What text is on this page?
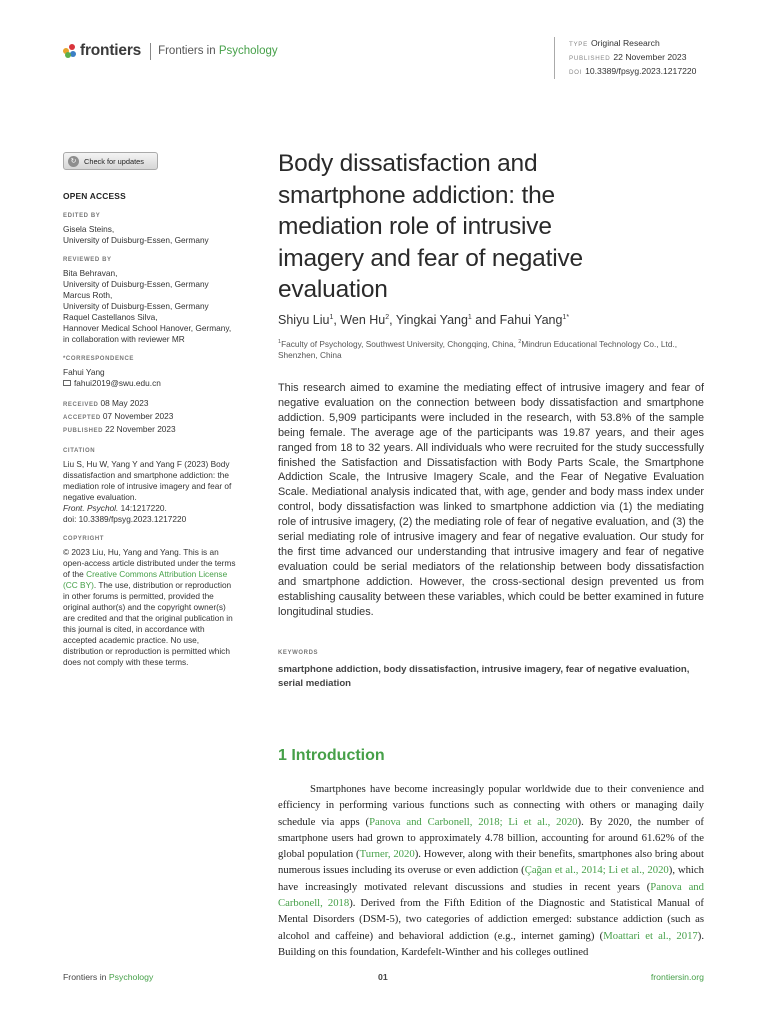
frontiers Frontiers in Psychology
TYPE Original Research
PUBLISHED 22 November 2023
DOI 10.3389/fpsyg.2023.1217220
↻	Check for updates
OPEN ACCESS
EDITED BY
Gisela Steins,
University of Duisburg-Essen, Germany
REVIEWED BY
Bita Behravan,
University of Duisburg-Essen, Germany
Marcus Roth,
University of Duisburg-Essen, Germany
Raquel Castellanos Silva,
Hannover Medical School Hanover, Germany,
in collaboration with reviewer MR
*CORRESPONDENCE
Fahui Yang
fahui2019@swu.edu.cn
RECEIVED 08 May 2023
ACCEPTED 07 November 2023
PUBLISHED 22 November 2023
CITATION
Liu S, Hu W, Yang Y and Yang F (2023) Body
dissatisfaction and smartphone addiction: the
mediation role of intrusive imagery and fear of
negative evaluation.
Front. Psychol. 14:1217220.
doi: 10.3389/fpsyg.2023.1217220
COPYRIGHT
© 2023 Liu, Hu, Yang and Yang. This is an
open-access article distributed under the terms
of the Creative Commons Attribution License
(CC BY). The use, distribution or reproduction
in other forums is permitted, provided the
original author(s) and the copyright owner(s)
are credited and that the original publication in
this journal is cited, in accordance with
accepted academic practice. No use,
distribution or reproduction is permitted which
does not comply with these terms.
Body dissatisfaction and
smartphone addiction: the
mediation role of intrusive
imagery and fear of negative
evaluation
Shiyu Liu$^1$, Wen Hu$^2$, Yingkai Yang$^1$ and Fahui Yang$^{1*}$
$^1$Faculty of Psychology, Southwest University, Chongqing, China, $^2$Mindrun Educational Technology Co., Ltd., Shenzhen, China

This research aimed to examine the mediating effect of intrusive imagery and fear of negative evaluation on the connection between body dissatisfaction and smartphone addiction. 5,909 participants were included in the research, with 53.8% of the sample being female. The average age of the participants was 19.87 years, and their ages ranged from 18 to 32 years. All individuals who were recruited for the study successfully finished the Satisfaction and Dissatisfaction with Body Parts Scale, the Smartphone Addiction Scale, the Intrusive Imagery Scale, and the Fear of Negative Evaluation Scale. Mediational analysis indicated that, with age, gender and body mass index under control, body dissatisfaction was linked to smartphone addiction via (1) the mediating role of intrusive imagery, (2) the mediating role of fear of negative evaluation, and (3) the serial mediating role of intrusive imagery and fear of negative evaluation. Our study for the first time advanced our understanding that intrusive imagery and fear of negative evaluation could be serial mediators of the relationship between body dissatisfaction and smartphone addiction. However, the cross-sectional design prevented us from establishing causality between these variables, which could be better examined in future longitudinal studies.

KEYWORDS
smartphone addiction, body dissatisfaction, intrusive imagery, fear of negative evaluation, serial mediation
1 Introduction

Smartphones have become increasingly popular worldwide due to their convenience and efficiency in performing various functions such as connecting with others or managing daily schedule via apps (Panova and Carbonell, 2018; Li et al., 2020). By 2020, the number of smartphone users had grown to approximately 4.78 billion, accounting for around 61.62% of the global population (Turner, 2020). However, along with their benefits, smartphones also bring about numerous issues including its overuse or even addiction (Çağan et al., 2014; Li et al., 2020), which have increasingly motivated relevant discussions and studies in recent years (Panova and Carbonell, 2018). Derived from the Fifth Edition of the Diagnostic and Statistical Manual of Mental Disorders (DSM-5), two categories of addiction emerged: substance addiction (such as alcohol and caffeine) and behavioral addiction (e.g., internet gaming) (Moattari et al., 2017). Building on this foundation, Kardefelt-Winther and his colleges outlined

Frontiers in Psychology	01	frontiersin.org
